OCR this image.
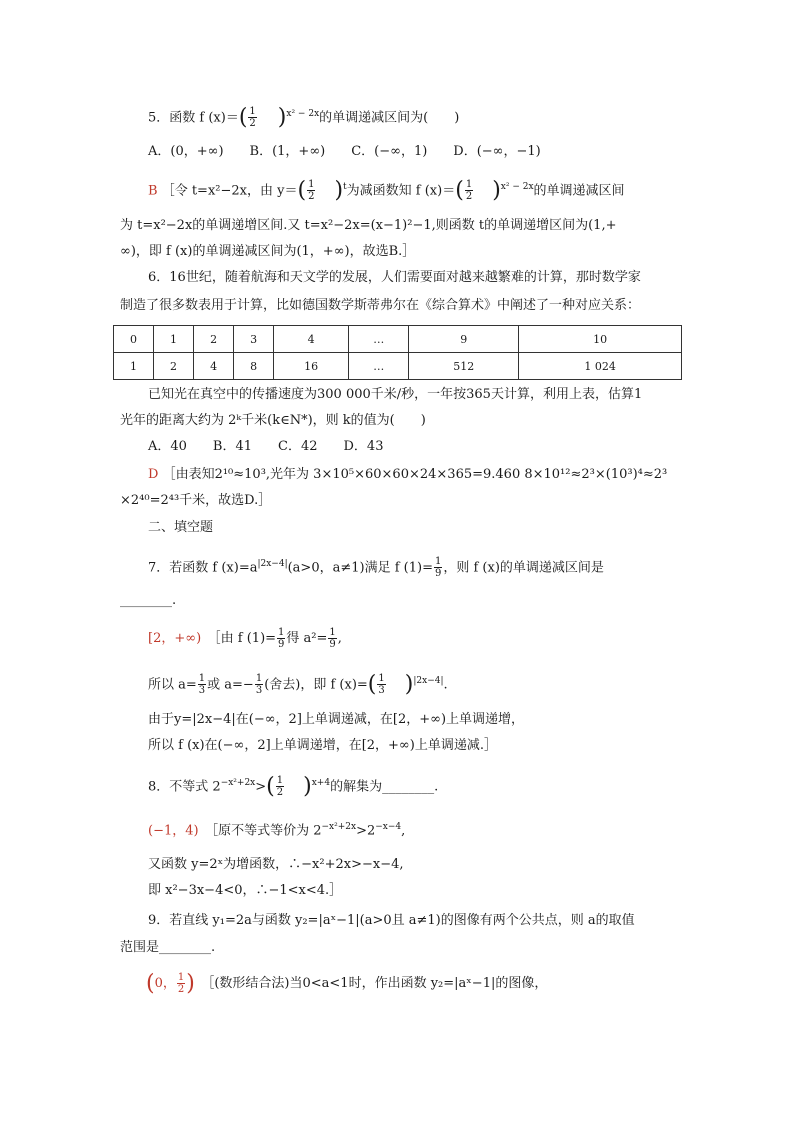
5．函数 f $(x)=( \frac{1}{2} )^{x^2 - 2x}$的单调递减区间为(　　)
A．(0，+∞)　　B．(1，+∞)　　C．(−∞，1)　　D．(−∞，−1)
B ［令 t=x²−2x，由 $y=( \frac{1}{2} )^t$为减函数知 f $(x)=( \frac{1}{2} )^{x^2 - 2x}$的单调递减区间
为 t=x²−2x的单调递增区间.又 t=x²−2x=(x−1)²−1,则函数 t的单调递增区间为(1,+
∞)，即 f (x)的单调递减区间为(1，+∞)，故选B.］
6．16世纪，随着航海和天文学的发展，人们需要面对越来越繁难的计算，那时数学家
制造了很多数表用于计算，比如德国数学斯蒂弗尔在《综合算术》中阐述了一种对应关系：
0	1	2	3	4	…	9	10
1	2	4	8	16	…	512	1 024
已知光在真空中的传播速度为300 000千米/秒，一年按365天计算，利用上表，估算1
光年的距离大约为 2ᵏ千米(k∈N*)，则 k的值为(　　)
A．40　　B．41　　C．42　　D．43
D ［由表知2¹⁰≈10³,光年为 3×10⁵×60×60×24×365=9.460 8×10¹²≈2³×(10³)⁴≈2³
×2⁴⁰=2⁴³千米，故选D.］
二、填空题
7．若函数 f $(x)=a^{|2x-4|}(a>0$，a≠1)满足 f $(1)= \frac{1}{9}$ ，则 f (x)的单调递减区间是
________.
[2，+∞)　 ［由 f $(1)= \frac{1}{9}$ 得 $a^2= \frac{1}{9}$ ,
所以 $a= \frac{1}{3}$ 或 $a=- \frac{1}{3}$ (舍去)，即 f $(x)=( \frac{1}{3} )^{|2x-4|}$.
由于y=|2x−4|在(−∞，2]上单调递减，在[2，+∞)上单调递增，
所以 f (x)在(−∞，2]上单调递增，在[2，+∞)上单调递减.］
8．不等式 $2^{-x^2+2x}>( \frac{1}{2} )^{x+4}$的解集为________.
(−1，4)　 ［原不等式等价为 $2^{-x^2+2x}>2^{-x-4}$,
又函数 y=2ˣ为增函数，∴−x²+2x>−x−4,
即 x²−3x−4<0，∴−1<x<4.］
9．若直线 y₁=2a与函数 y₂=|aˣ−1|(a>0且 a≠1)的图像有两个公共点，则 a的取值
范围是________.
(0， $\frac{1}{2}$ )　 ［(数形结合法)当0<a<1时，作出函数 y₂=|aˣ−1|的图像，
